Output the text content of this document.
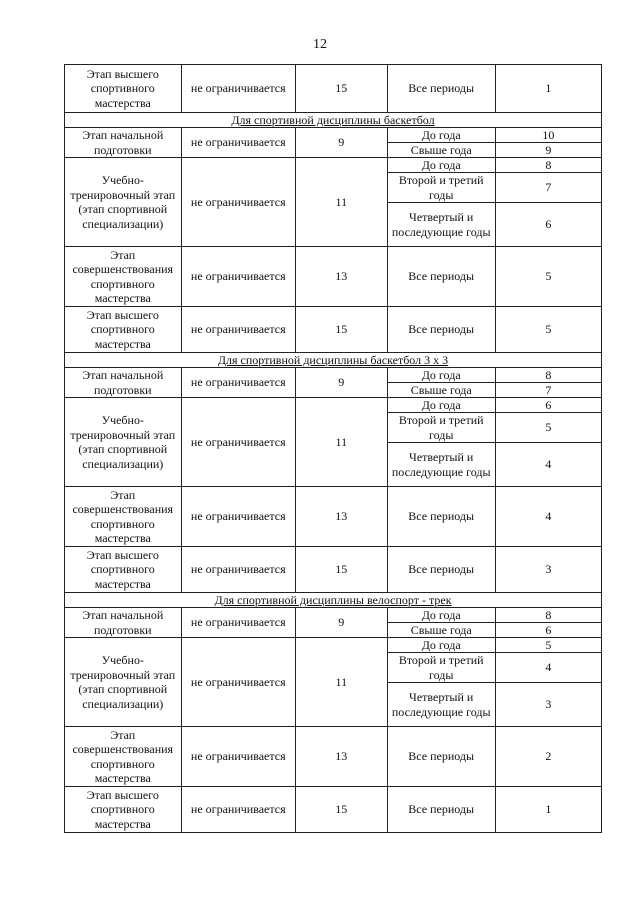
12
Этап высшего спортивного мастерства	не ограничивается	15	Все периоды	1
Для спортивной дисциплины баскетбол				
Этап начальной подготовки	не ограничивается	9	До года	10
			Свыше года	9
Учебно-тренировочный этап (этап спортивной специализации)	не ограничивается	11	До года	8
			Второй и третий годы	7
			Четвертый и последующие годы	6
Этап совершенствования спортивного мастерства	не ограничивается	13	Все периоды	5
Этап высшего спортивного мастерства	не ограничивается	15	Все периоды	5
Для спортивной дисциплины баскетбол 3 х 3				
Этап начальной подготовки	не ограничивается	9	До года	8
			Свыше года	7
Учебно-тренировочный этап (этап спортивной специализации)	не ограничивается	11	До года	6
			Второй и третий годы	5
			Четвертый и последующие годы	4
Этап совершенствования спортивного мастерства	не ограничивается	13	Все периоды	4
Этап высшего спортивного мастерства	не ограничивается	15	Все периоды	3
Для спортивной дисциплины велоспорт - трек				
Этап начальной подготовки	не ограничивается	9	До года	8
			Свыше года	6
Учебно-тренировочный этап (этап спортивной специализации)	не ограничивается	11	До года	5
			Второй и третий годы	4
			Четвертый и последующие годы	3
Этап совершенствования спортивного мастерства	не ограничивается	13	Все периоды	2
Этап высшего спортивного мастерства	не ограничивается	15	Все периоды	1
